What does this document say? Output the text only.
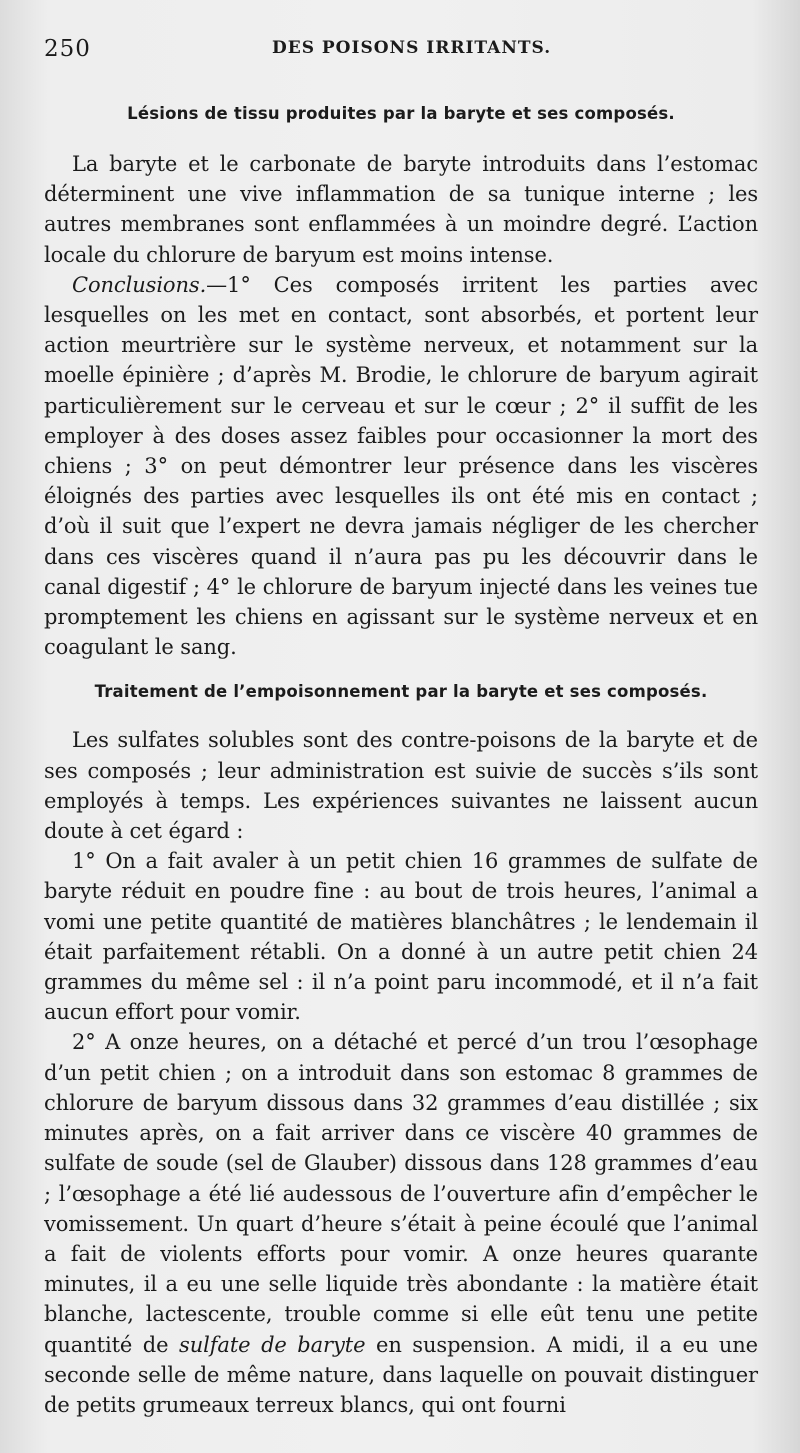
250	DES POISONS IRRITANTS.
Lésions de tissu produites par la baryte et ses composés.

La baryte et le carbonate de baryte introduits dans l’estomac déterminent une vive inflammation de sa tunique interne ; les autres membranes sont enflammées à un moindre degré. L’action locale du chlorure de baryum est moins intense.

Conclusions.—1° Ces composés irritent les parties avec lesquelles on les met en contact, sont absorbés, et portent leur action meurtrière sur le système nerveux, et notamment sur la moelle épinière ; d’après M. Brodie, le chlorure de baryum agirait particulièrement sur le cerveau et sur le cœur ; 2° il suffit de les employer à des doses assez faibles pour occasionner la mort des chiens ; 3° on peut démontrer leur présence dans les viscères éloignés des parties avec lesquelles ils ont été mis en contact ; d’où il suit que l’expert ne devra jamais négliger de les chercher dans ces viscères quand il n’aura pas pu les découvrir dans le canal digestif ; 4° le chlorure de baryum injecté dans les veines tue promptement les chiens en agissant sur le système nerveux et en coagulant le sang.

Traitement de l’empoisonnement par la baryte et ses composés.

Les sulfates solubles sont des contre-poisons de la baryte et de ses composés ; leur administration est suivie de succès s’ils sont employés à temps. Les expériences suivantes ne laissent aucun doute à cet égard :

1° On a fait avaler à un petit chien 16 grammes de sulfate de baryte réduit en poudre fine : au bout de trois heures, l’animal a vomi une petite quantité de matières blanchâtres ; le lendemain il était parfaitement rétabli. On a donné à un autre petit chien 24 grammes du même sel : il n’a point paru incommodé, et il n’a fait aucun effort pour vomir.

2° A onze heures, on a détaché et percé d’un trou l’œsophage d’un petit chien ; on a introduit dans son estomac 8 grammes de chlorure de baryum dissous dans 32 grammes d’eau distillée ; six minutes après, on a fait arriver dans ce viscère 40 grammes de sulfate de soude (sel de Glauber) dissous dans 128 grammes d’eau ; l’œsophage a été lié audessous de l’ouverture afin d’empêcher le vomissement. Un quart d’heure s’était à peine écoulé que l’animal a fait de violents efforts pour vomir. A onze heures quarante minutes, il a eu une selle liquide très abondante : la matière était blanche, lactescente, trouble comme si elle eût tenu une petite quantité de sulfate de baryte en suspension. A midi, il a eu une seconde selle de même nature, dans laquelle on pouvait distinguer de petits grumeaux terreux blancs, qui ont fourni
